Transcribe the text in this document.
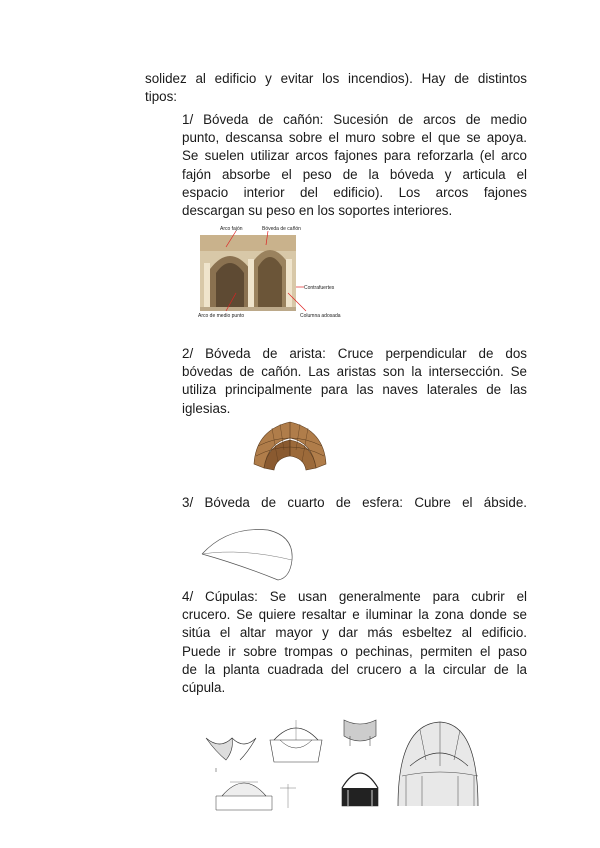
solidez al edificio y evitar los incendios). Hay de distintos
tipos:
1/ Bóveda de cañón: Sucesión de arcos de medio
punto, descansa sobre el muro sobre el que se apoya.
Se suelen utilizar arcos fajones para reforzarla (el arco
fajón absorbe el peso de la bóveda y articula el
espacio interior del edificio). Los arcos fajones
descargan su peso en los soportes interiores.
Arco fajón	Bóveda de cañón
Contrafuertes
Arco de medio punto	Columna adosada
2/ Bóveda de arista: Cruce perpendicular de dos
bóvedas de cañón. Las aristas son la intersección. Se
utiliza principalmente para las naves laterales de las
iglesias.
3/ Bóveda de cuarto de esfera: Cubre el ábside.
4/ Cúpulas: Se usan generalmente para cubrir el
crucero. Se quiere resaltar e iluminar la zona donde se
sitúa el altar mayor y dar más esbeltez al edificio.
Puede ir sobre trompas o pechinas, permiten el paso
de la planta cuadrada del crucero a la circular de la
cúpula.
